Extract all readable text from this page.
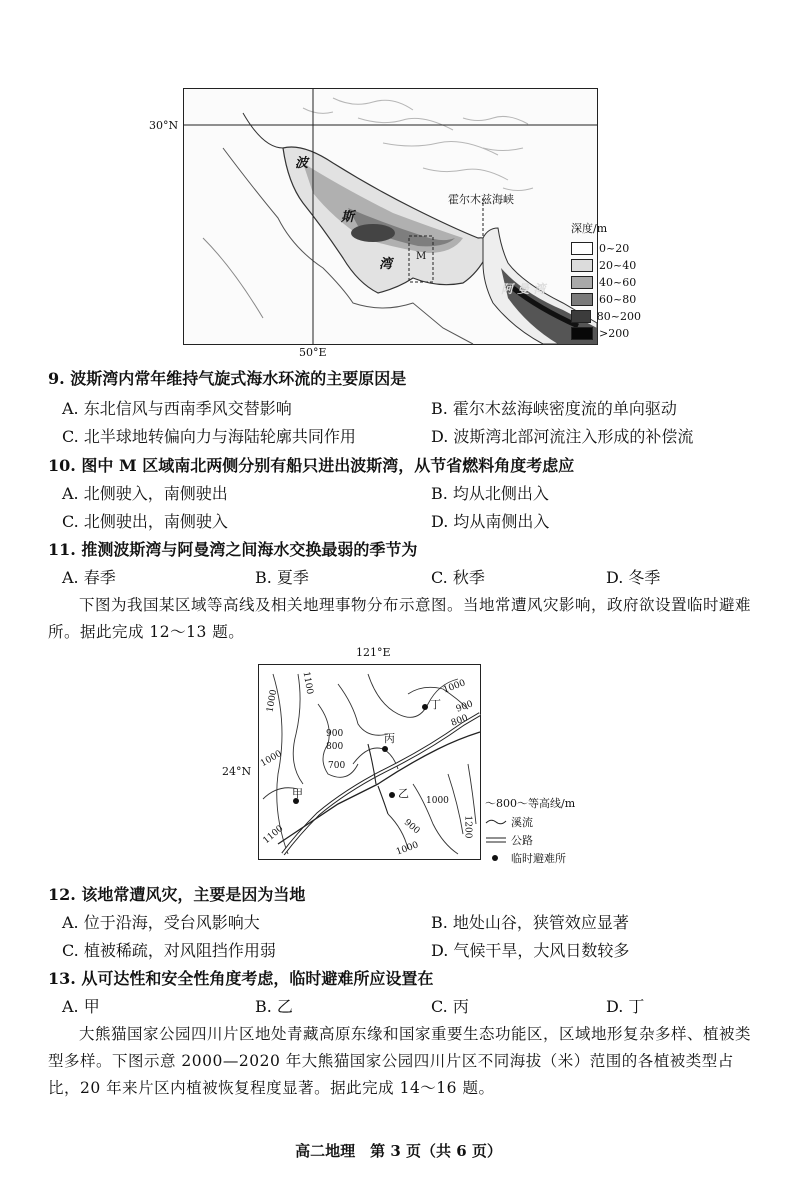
30°N
50°E
霍尔木兹海峡
波
斯
湾
M
阿 曼 湾
深度/m
0~20
20~40
40~60
60~80
80~200
>200
9. 波斯湾内常年维持气旋式海水环流的主要原因是
A. 东北信风与西南季风交替影响	B. 霍尔木兹海峡密度流的单向驱动
C. 北半球地转偏向力与海陆轮廓共同作用	D. 波斯湾北部河流注入形成的补偿流
10. 图中 M 区域南北两侧分别有船只进出波斯湾，从节省燃料角度考虑应
A. 北侧驶入，南侧驶出	B. 均从北侧出入
C. 北侧驶出，南侧驶入	D. 均从南侧出入
11. 推测波斯湾与阿曼湾之间海水交换最弱的季节为
A. 春季	B. 夏季	C. 秋季	D. 冬季
下图为我国某区域等高线及相关地理事物分布示意图。当地常遭风灾影响，政府欲设置临时避难所。据此完成 12～13 题。
121°E
24°N
1100
1000
1000
900
800
700
900
1000
1000
800
900
1000
1200
1100
甲	乙
丙
丁
～800～等高线/m
溪流
公路
临时避难所
12. 该地常遭风灾，主要是因为当地
A. 位于沿海，受台风影响大	B. 地处山谷，狭管效应显著
C. 植被稀疏，对风阻挡作用弱	D. 气候干旱，大风日数较多
13. 从可达性和安全性角度考虑，临时避难所应设置在
A. 甲	B. 乙	C. 丙	D. 丁
大熊猫国家公园四川片区地处青藏高原东缘和国家重要生态功能区，区域地形复杂多样、植被类型多样。下图示意 2000—2020 年大熊猫国家公园四川片区不同海拔（米）范围的各植被类型占比，20 年来片区内植被恢复程度显著。据此完成 14～16 题。
高二地理　第 3 页（共 6 页）
